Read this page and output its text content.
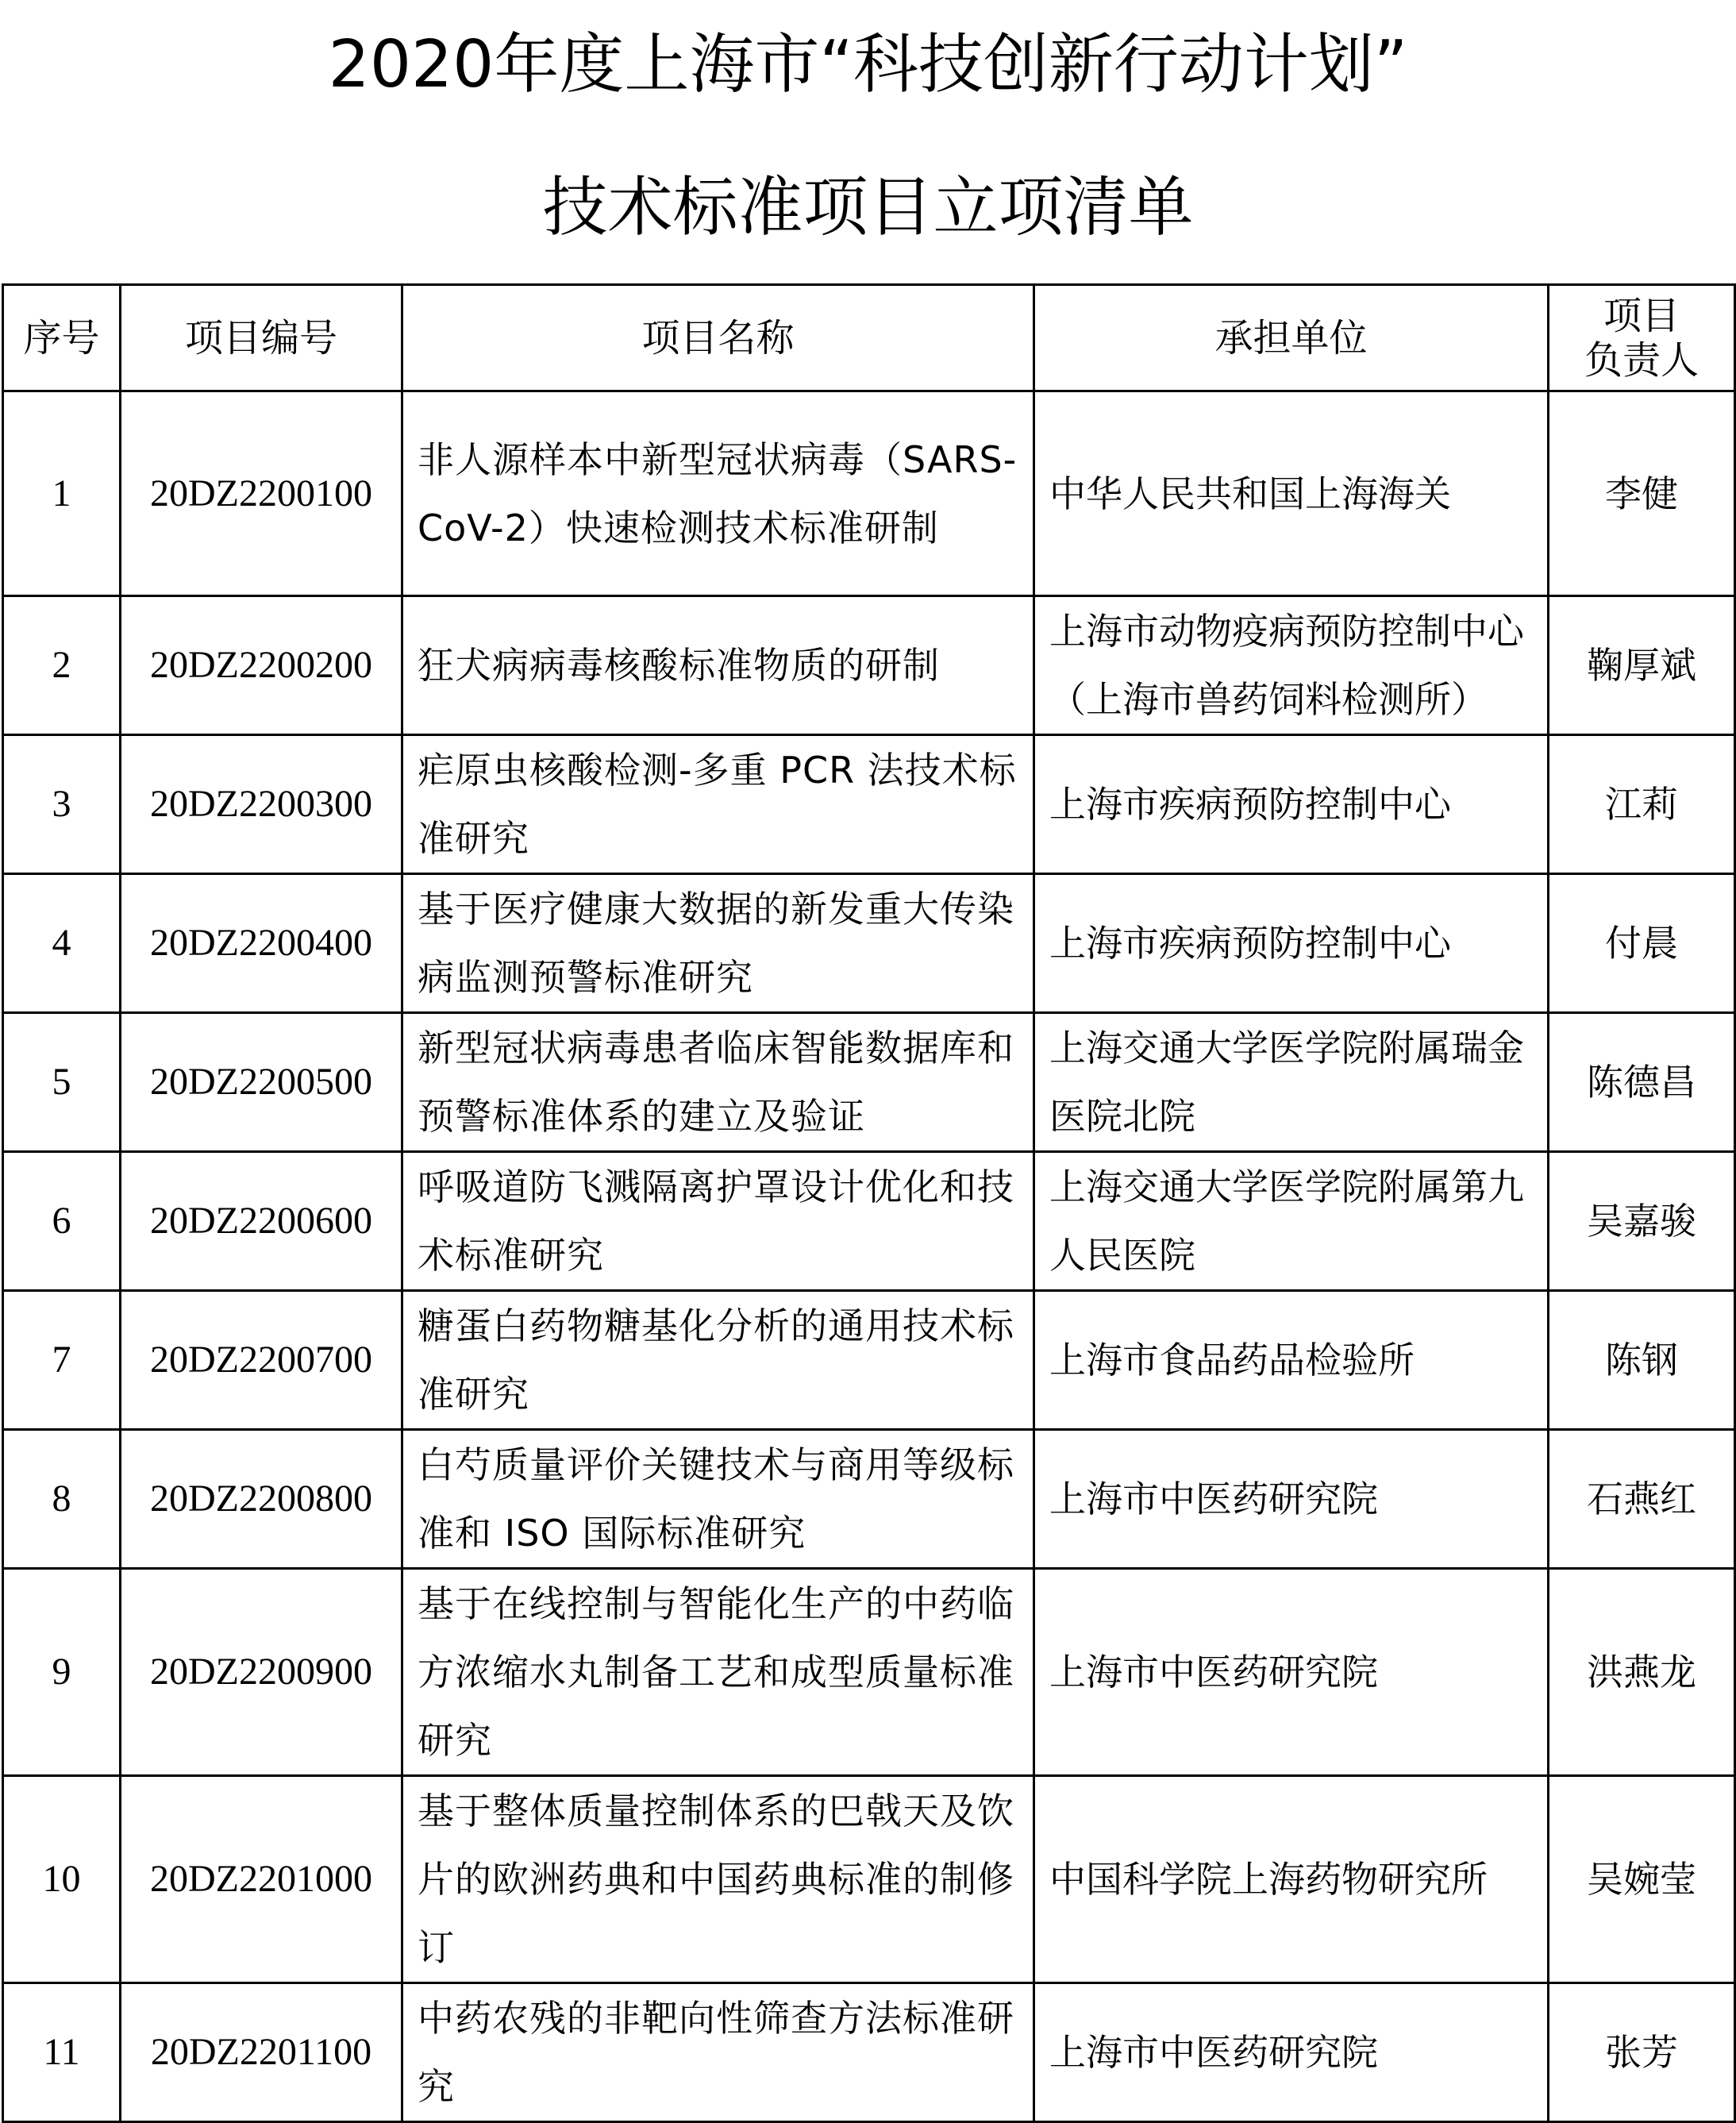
2020年度上海市“科技创新行动计划”
技术标准项目立项清单
序号	项目编号	项目名称	承担单位	项目
负责人

1	20DZ2200100	非人源样本中新型冠状病毒（SARS-CoV-2）快速检测技术标准研制	中华人民共和国上海海关	李健
2	20DZ2200200	狂犬病病毒核酸标准物质的研制	上海市动物疫病预防控制中心（上海市兽药饲料检测所）	鞠厚斌
3	20DZ2200300	疟原虫核酸检测-多重 PCR 法技术标准研究	上海市疾病预防控制中心	江莉
4	20DZ2200400	基于医疗健康大数据的新发重大传染病监测预警标准研究	上海市疾病预防控制中心	付晨
5	20DZ2200500	新型冠状病毒患者临床智能数据库和预警标准体系的建立及验证	上海交通大学医学院附属瑞金医院北院	陈德昌
6	20DZ2200600	呼吸道防飞溅隔离护罩设计优化和技术标准研究	上海交通大学医学院附属第九人民医院	吴嘉骏
7	20DZ2200700	糖蛋白药物糖基化分析的通用技术标准研究	上海市食品药品检验所	陈钢
8	20DZ2200800	白芍质量评价关键技术与商用等级标准和 ISO 国际标准研究	上海市中医药研究院	石燕红
9	20DZ2200900	基于在线控制与智能化生产的中药临方浓缩水丸制备工艺和成型质量标准研究	上海市中医药研究院	洪燕龙
10	20DZ2201000	基于整体质量控制体系的巴戟天及饮片的欧洲药典和中国药典标准的制修订	中国科学院上海药物研究所	吴婉莹
11	20DZ2201100	中药农残的非靶向性筛查方法标准研究	上海市中医药研究院	张芳
